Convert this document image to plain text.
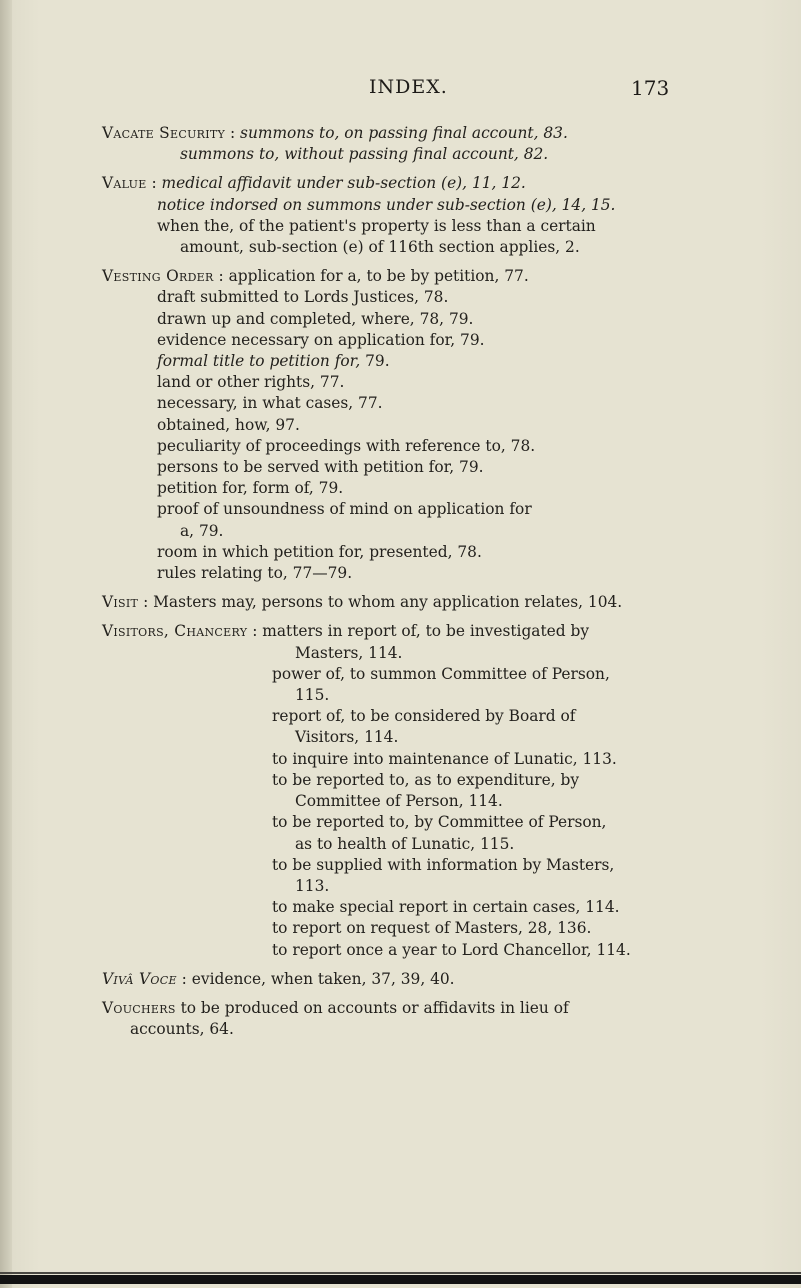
INDEX.	173
Vacate Security : summons to, on passing final account, 83.
summons to, without passing final account, 82.
Value : medical affidavit under sub-section (e), 11, 12.
notice indorsed on summons under sub-section (e), 14, 15.
when the, of the patient's property is less than a certain
amount, sub-section (e) of 116th section applies, 2.
Vesting Order : application for a, to be by petition, 77.
draft submitted to Lords Justices, 78.
drawn up and completed, where, 78, 79.
evidence necessary on application for, 79.
formal title to petition for, 79.
land or other rights, 77.
necessary, in what cases, 77.
obtained, how, 97.
peculiarity of proceedings with reference to, 78.
persons to be served with petition for, 79.
petition for, form of, 79.
proof of unsoundness of mind on application for
a, 79.
room in which petition for, presented, 78.
rules relating to, 77—79.
Visit : Masters may, persons to whom any application relates, 104.
Visitors, Chancery : matters in report of, to be investigated by
Masters, 114.
power of, to summon Committee of Person,
115.
report of, to be considered by Board of
Visitors, 114.
to inquire into maintenance of Lunatic, 113.
to be reported to, as to expenditure, by
Committee of Person, 114.
to be reported to, by Committee of Person,
as to health of Lunatic, 115.
to be supplied with information by Masters,
113.
to make special report in certain cases, 114.
to report on request of Masters, 28, 136.
to report once a year to Lord Chancellor, 114.
Vivâ Voce : evidence, when taken, 37, 39, 40.
Vouchers to be produced on accounts or affidavits in lieu of
accounts, 64.
